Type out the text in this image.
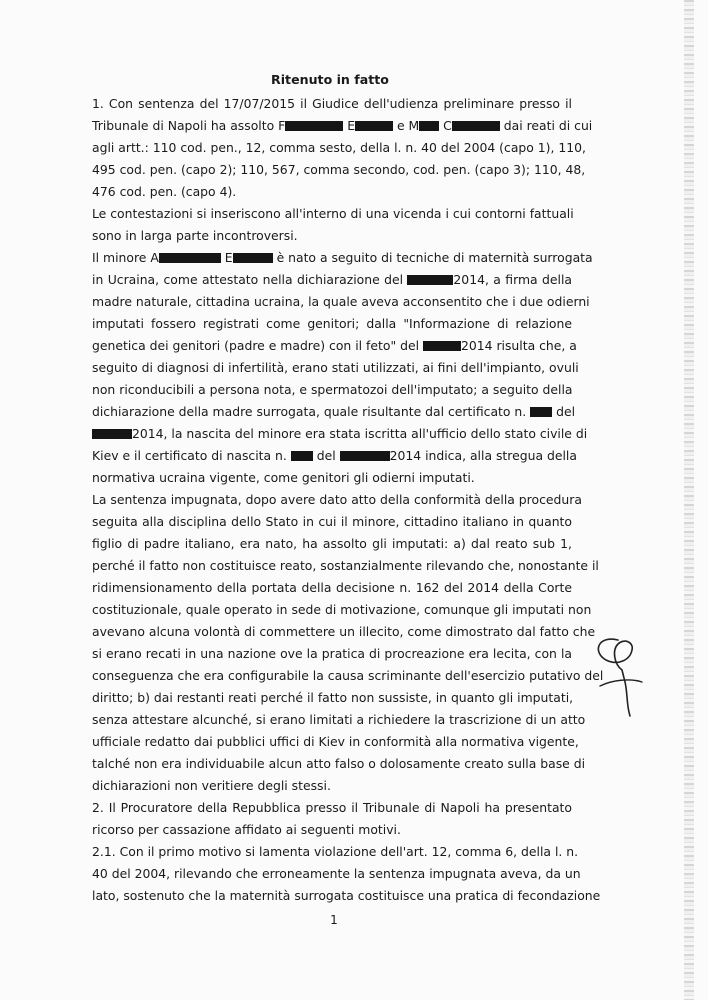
Ritenuto in fatto
1. Con sentenza del 17/07/2015 il Giudice dell'udienza preliminare presso il
Tribunale di Napoli ha assolto F	E	e M C	dai reati di cui
agli artt.: 110 cod. pen., 12, comma sesto, della l. n. 40 del 2004 (capo 1), 110,
495 cod. pen. (capo 2); 110, 567, comma secondo, cod. pen. (capo 3); 110, 48,
476 cod. pen. (capo 4).
Le contestazioni si inseriscono all'interno di una vicenda i cui contorni fattuali
sono in larga parte incontroversi.
Il minore A	E	è nato a seguito di tecniche di maternità surrogata
in Ucraina, come attestato nella dichiarazione del	2014, a firma della
madre naturale, cittadina ucraina, la quale aveva acconsentito che i due odierni
imputati fossero registrati come genitori; dalla "Informazione di relazione
genetica dei genitori (padre e madre) con il feto" del	2014 risulta che, a
seguito di diagnosi di infertilità, erano stati utilizzati, ai fini dell'impianto, ovuli
non riconducibili a persona nota, e spermatozoi dell'imputato; a seguito della
dichiarazione della madre surrogata, quale risultante dal certificato n.  del
2014, la nascita del minore era stata iscritta all'ufficio dello stato civile di
Kiev e il certificato di nascita n.  del	2014 indica, alla stregua della
normativa ucraina vigente, come genitori gli odierni imputati.
La sentenza impugnata, dopo avere dato atto della conformità della procedura
seguita alla disciplina dello Stato in cui il minore, cittadino italiano in quanto
figlio di padre italiano, era nato, ha assolto gli imputati: a) dal reato sub 1,
perché il fatto non costituisce reato, sostanzialmente rilevando che, nonostante il
ridimensionamento della portata della decisione n. 162 del 2014 della Corte
costituzionale, quale operato in sede di motivazione, comunque gli imputati non
avevano alcuna volontà di commettere un illecito, come dimostrato dal fatto che
si erano recati in una nazione ove la pratica di procreazione era lecita, con la
conseguenza che era configurabile la causa scriminante dell'esercizio putativo del
diritto; b) dai restanti reati perché il fatto non sussiste, in quanto gli imputati,
senza attestare alcunché, si erano limitati a richiedere la trascrizione di un atto
ufficiale redatto dai pubblici uffici di Kiev in conformità alla normativa vigente,
talché non era individuabile alcun atto falso o dolosamente creato sulla base di
dichiarazioni non veritiere degli stessi.
2. Il Procuratore della Repubblica presso il Tribunale di Napoli ha presentato
ricorso per cassazione affidato ai seguenti motivi.
2.1. Con il primo motivo si lamenta violazione dell'art. 12, comma 6, della l. n.
40 del 2004, rilevando che erroneamente la sentenza impugnata aveva, da un
lato, sostenuto che la maternità surrogata costituisce una pratica di fecondazione
1
